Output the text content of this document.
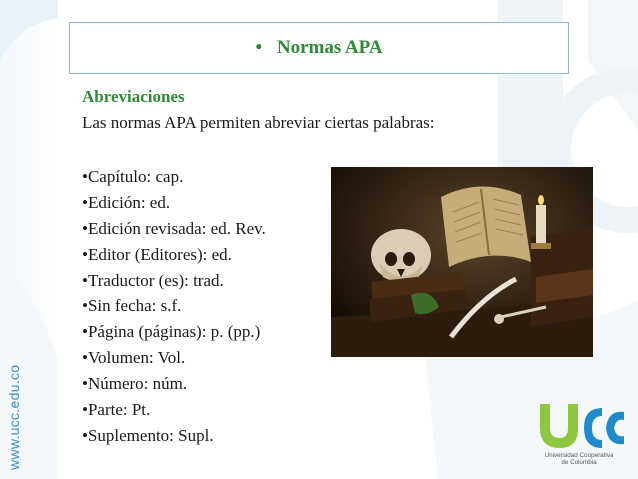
www.ucc.edu.co
• Normas APA
Abreviaciones
Las normas APA permiten abreviar ciertas palabras:
•Capítulo: cap.
•Edición: ed.
•Edición revisada: ed. Rev.
•Editor (Editores): ed.
•Traductor (es): trad.
•Sin fecha: s.f.
•Página (páginas): p. (pp.)
•Volumen: Vol.
•Número: núm.
•Parte: Pt.
•Suplemento: Supl.
Universidad Cooperativa
de Colombia
